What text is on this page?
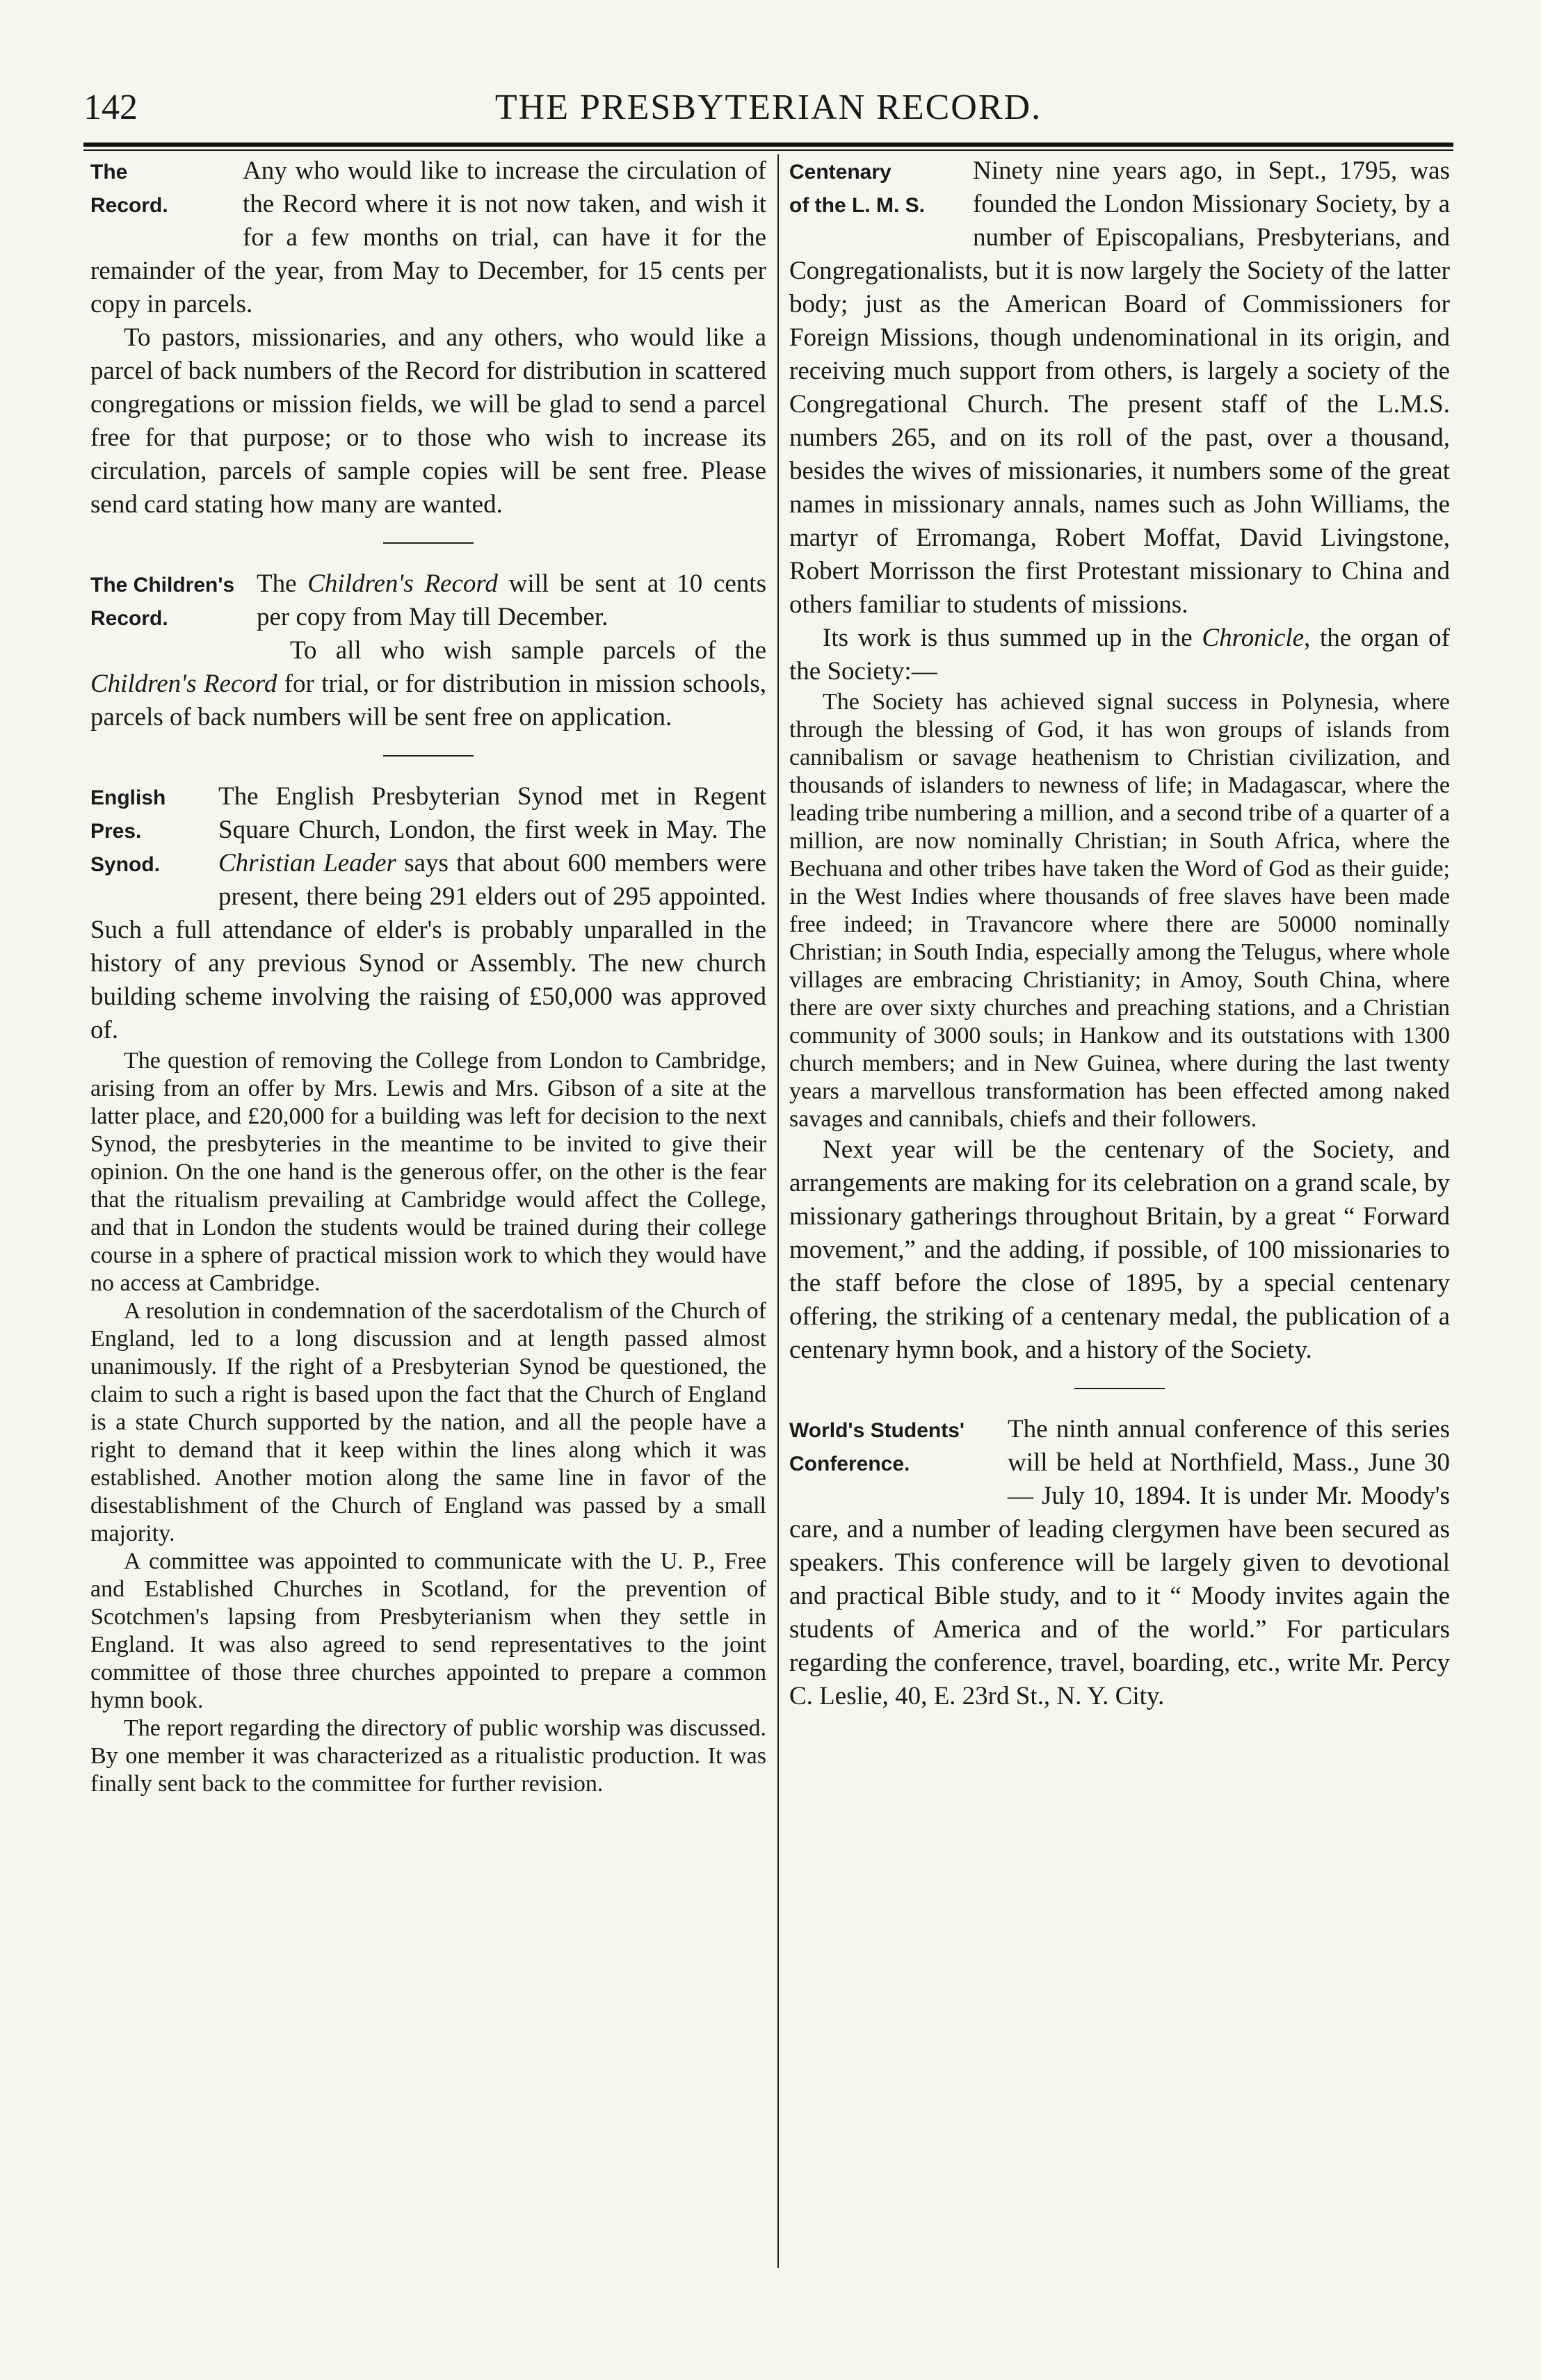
THE PRESBYTERIAN RECORD.
142
The
Record.

Any who would like to increase the circulation of the Record where it is not now taken, and wish it for a few months on trial, can have it for the remainder of the year, from May to December, for 15 cents per copy in parcels.

To pastors, missionaries, and any others, who would like a parcel of back numbers of the Record for distribution in scattered congregations or mission fields, we will be glad to send a parcel free for that purpose; or to those who wish to increase its circulation, parcels of sample copies will be sent free. Please send card stating how many are wanted.

The Children's
Record.

The Children's Record will be sent at 10 cents per copy from May till December.

To all who wish sample parcels of the Children's Record for trial, or for distribution in mission schools, parcels of back numbers will be sent free on application.

English
Pres. Synod.

The English Presbyterian Synod met in Regent Square Church, London, the first week in May. The Christian Leader says that about 600 members were present, there being 291 elders out of 295 appointed. Such a full attendance of elder's is probably unparalled in the history of any previous Synod or Assembly. The new church building scheme involving the raising of £50,000 was approved of.

The question of removing the College from London to Cambridge, arising from an offer by Mrs. Lewis and Mrs. Gibson of a site at the latter place, and £20,000 for a building was left for decision to the next Synod, the presbyteries in the meantime to be invited to give their opinion. On the one hand is the generous offer, on the other is the fear that the ritualism prevailing at Cambridge would affect the College, and that in London the students would be trained during their college course in a sphere of practical mission work to which they would have no access at Cambridge.

A resolution in condemnation of the sacerdotalism of the Church of England, led to a long discussion and at length passed almost unanimously. If the right of a Presbyterian Synod be questioned, the claim to such a right is based upon the fact that the Church of England is a state Church supported by the nation, and all the people have a right to demand that it keep within the lines along which it was established. Another motion along the same line in favor of the disestablishment of the Church of England was passed by a small majority.

A committee was appointed to communicate with the U. P., Free and Established Churches in Scotland, for the prevention of Scotchmen's lapsing from Presbyterianism when they settle in England. It was also agreed to send representatives to the joint committee of those three churches appointed to prepare a common hymn book.

The report regarding the directory of public worship was discussed. By one member it was characterized as a ritualistic production. It was finally sent back to the committee for further revision.

Centenary
of the L. M. S.

Ninety nine years ago, in Sept., 1795, was founded the London Missionary Society, by a number of Episcopalians, Presbyterians, and Congregationalists, but it is now largely the Society of the latter body; just as the American Board of Commissioners for Foreign Missions, though undenominational in its origin, and receiving much support from others, is largely a society of the Congregational Church. The present staff of the L.M.S. numbers 265, and on its roll of the past, over a thousand, besides the wives of missionaries, it numbers some of the great names in missionary annals, names such as John Williams, the martyr of Erromanga, Robert Moffat, David Livingstone, Robert Morrisson the first Protestant missionary to China and others familiar to students of missions.

Its work is thus summed up in the Chronicle, the organ of the Society:—

The Society has achieved signal success in Polynesia, where through the blessing of God, it has won groups of islands from cannibalism or savage heathenism to Christian civilization, and thousands of islanders to newness of life; in Madagascar, where the leading tribe numbering a million, and a second tribe of a quarter of a million, are now nominally Christian; in South Africa, where the Bechuana and other tribes have taken the Word of God as their guide; in the West Indies where thousands of free slaves have been made free indeed; in Travancore where there are 50000 nominally Christian; in South India, especially among the Telugus, where whole villages are embracing Christianity; in Amoy, South China, where there are over sixty churches and preaching stations, and a Christian community of 3000 souls; in Hankow and its outstations with 1300 church members; and in New Guinea, where during the last twenty years a marvellous transformation has been effected among naked savages and cannibals, chiefs and their followers.

Next year will be the centenary of the Society, and arrangements are making for its celebration on a grand scale, by missionary gatherings throughout Britain, by a great “ Forward movement,” and the adding, if possible, of 100 missionaries to the staff before the close of 1895, by a special centenary offering, the striking of a centenary medal, the publication of a centenary hymn book, and a history of the Society.

World's Students'
Conference.

The ninth annual conference of this series will be held at Northfield, Mass., June 30 — July 10, 1894. It is under Mr. Moody's care, and a number of leading clergymen have been secured as speakers. This conference will be largely given to devotional and practical Bible study, and to it “ Moody invites again the students of America and of the world.” For particulars regarding the conference, travel, boarding, etc., write Mr. Percy C. Leslie, 40, E. 23rd St., N. Y. City.
